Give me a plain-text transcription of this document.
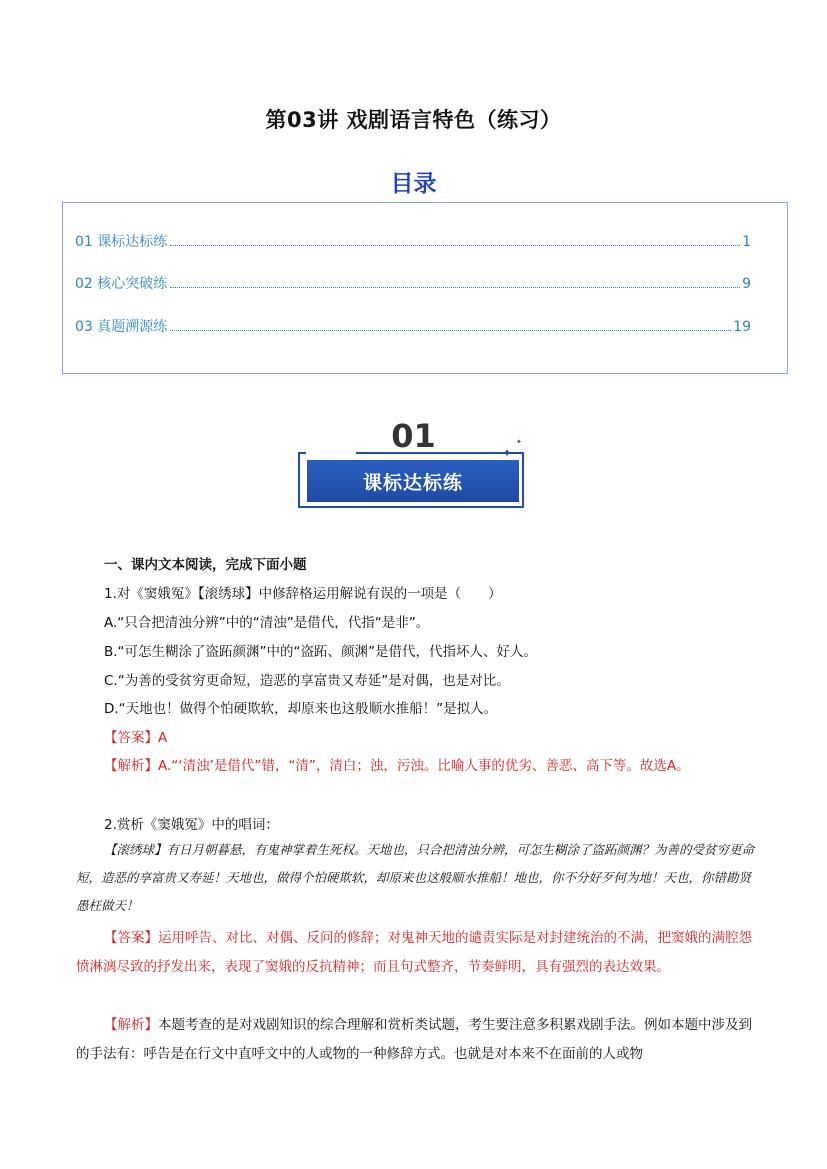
第03讲 戏剧语言特色（练习）
目录
01 课标达标练	1
02 核心突破练	9
03 真题溯源练	19
01
课标达标练
✦
✦
一、课内文本阅读，完成下面小题
1.对《窦娥冤》【滚绣球】中修辞格运用解说有误的一项是（　　）
A.“只合把清浊分辨”中的“清浊”是借代，代指“是非”。
B.“可怎生糊涂了盗跖颜渊”中的“盗跖、颜渊”是借代，代指坏人、好人。
C.“为善的受贫穷更命短，造恶的享富贵又寿延”是对偶，也是对比。
D.“天地也！做得个怕硬欺软，却原来也这般顺水推船！”是拟人。
【答案】A
【解析】A.“‘清浊’是借代”错，“清”，清白；浊，污浊。比喻人事的优劣、善恶、高下等。故选A。
2.赏析《窦娥冤》中的唱词：
【滚绣球】有日月朝暮悬，有鬼神掌着生死权。天地也，只合把清浊分辨，可怎生糊涂了盗跖颜渊？为善的受贫穷更命短，造恶的享富贵又寿延！天地也，做得个怕硬欺软，却原来也这般顺水推船！地也，你不分好歹何为地！天也，你错勘贤愚枉做天！
【答案】运用呼告、对比、对偶、反问的修辞；对鬼神天地的谴责实际是对封建统治的不满，把窦娥的满腔怨愤淋漓尽致的抒发出来，表现了窦娥的反抗精神；而且句式整齐，节奏鲜明，具有强烈的表达效果。
【解析】本题考查的是对戏剧知识的综合理解和赏析类试题，考生要注意多积累戏剧手法。例如本题中涉及到的手法有：呼告是在行文中直呼文中的人或物的一种修辞方式。也就是对本来不在面前的人或物
